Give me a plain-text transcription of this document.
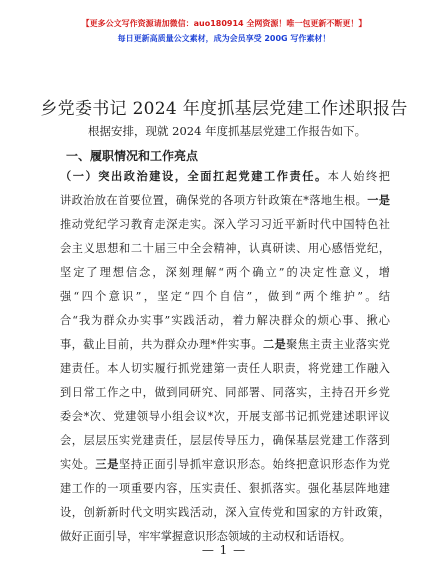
【更多公文写作资源请加微信：auo180914 全网资源！唯一包更新不断更！】
每日更新高质量公文素材，成为会员享受 200G 写作素材！
乡党委书记 2024 年度抓基层党建工作述职报告
根据安排，现就 2024 年度抓基层党建工作报告如下。
一、履职情况和工作亮点
（一）突出政治建设，全面扛起党建工作责任。本人始终把
讲政治放在首要位置，确保党的各项方针政策在*落地生根。一是
推动党纪学习教育走深走实。深入学习习近平新时代中国特色社
会主义思想和二十届三中全会精神，认真研读、用心感悟党纪，
坚定了理想信念，深刻理解“两个确立”的决定性意义，增
强“四个意识”，坚定“四个自信”，做到“两个维护”。结
合“我为群众办实事”实践活动，着力解决群众的烦心事、揪心
事，截止目前，共为群众办理*件实事。二是聚焦主责主业落实党
建责任。本人切实履行抓党建第一责任人职责，将党建工作融入
到日常工作之中，做到同研究、同部署、同落实，主持召开乡党
委会*次、党建领导小组会议*次，开展支部书记抓党建述职评议
会，层层压实党建责任，层层传导压力，确保基层党建工作落到
实处。三是坚持正面引导抓牢意识形态。始终把意识形态作为党
建工作的一项重要内容，压实责任、狠抓落实。强化基层阵地建
设，创新新时代文明实践活动，深入宣传党和国家的方针政策，
做好正面引导，牢牢掌握意识形态领域的主动权和话语权。
— 1 —
